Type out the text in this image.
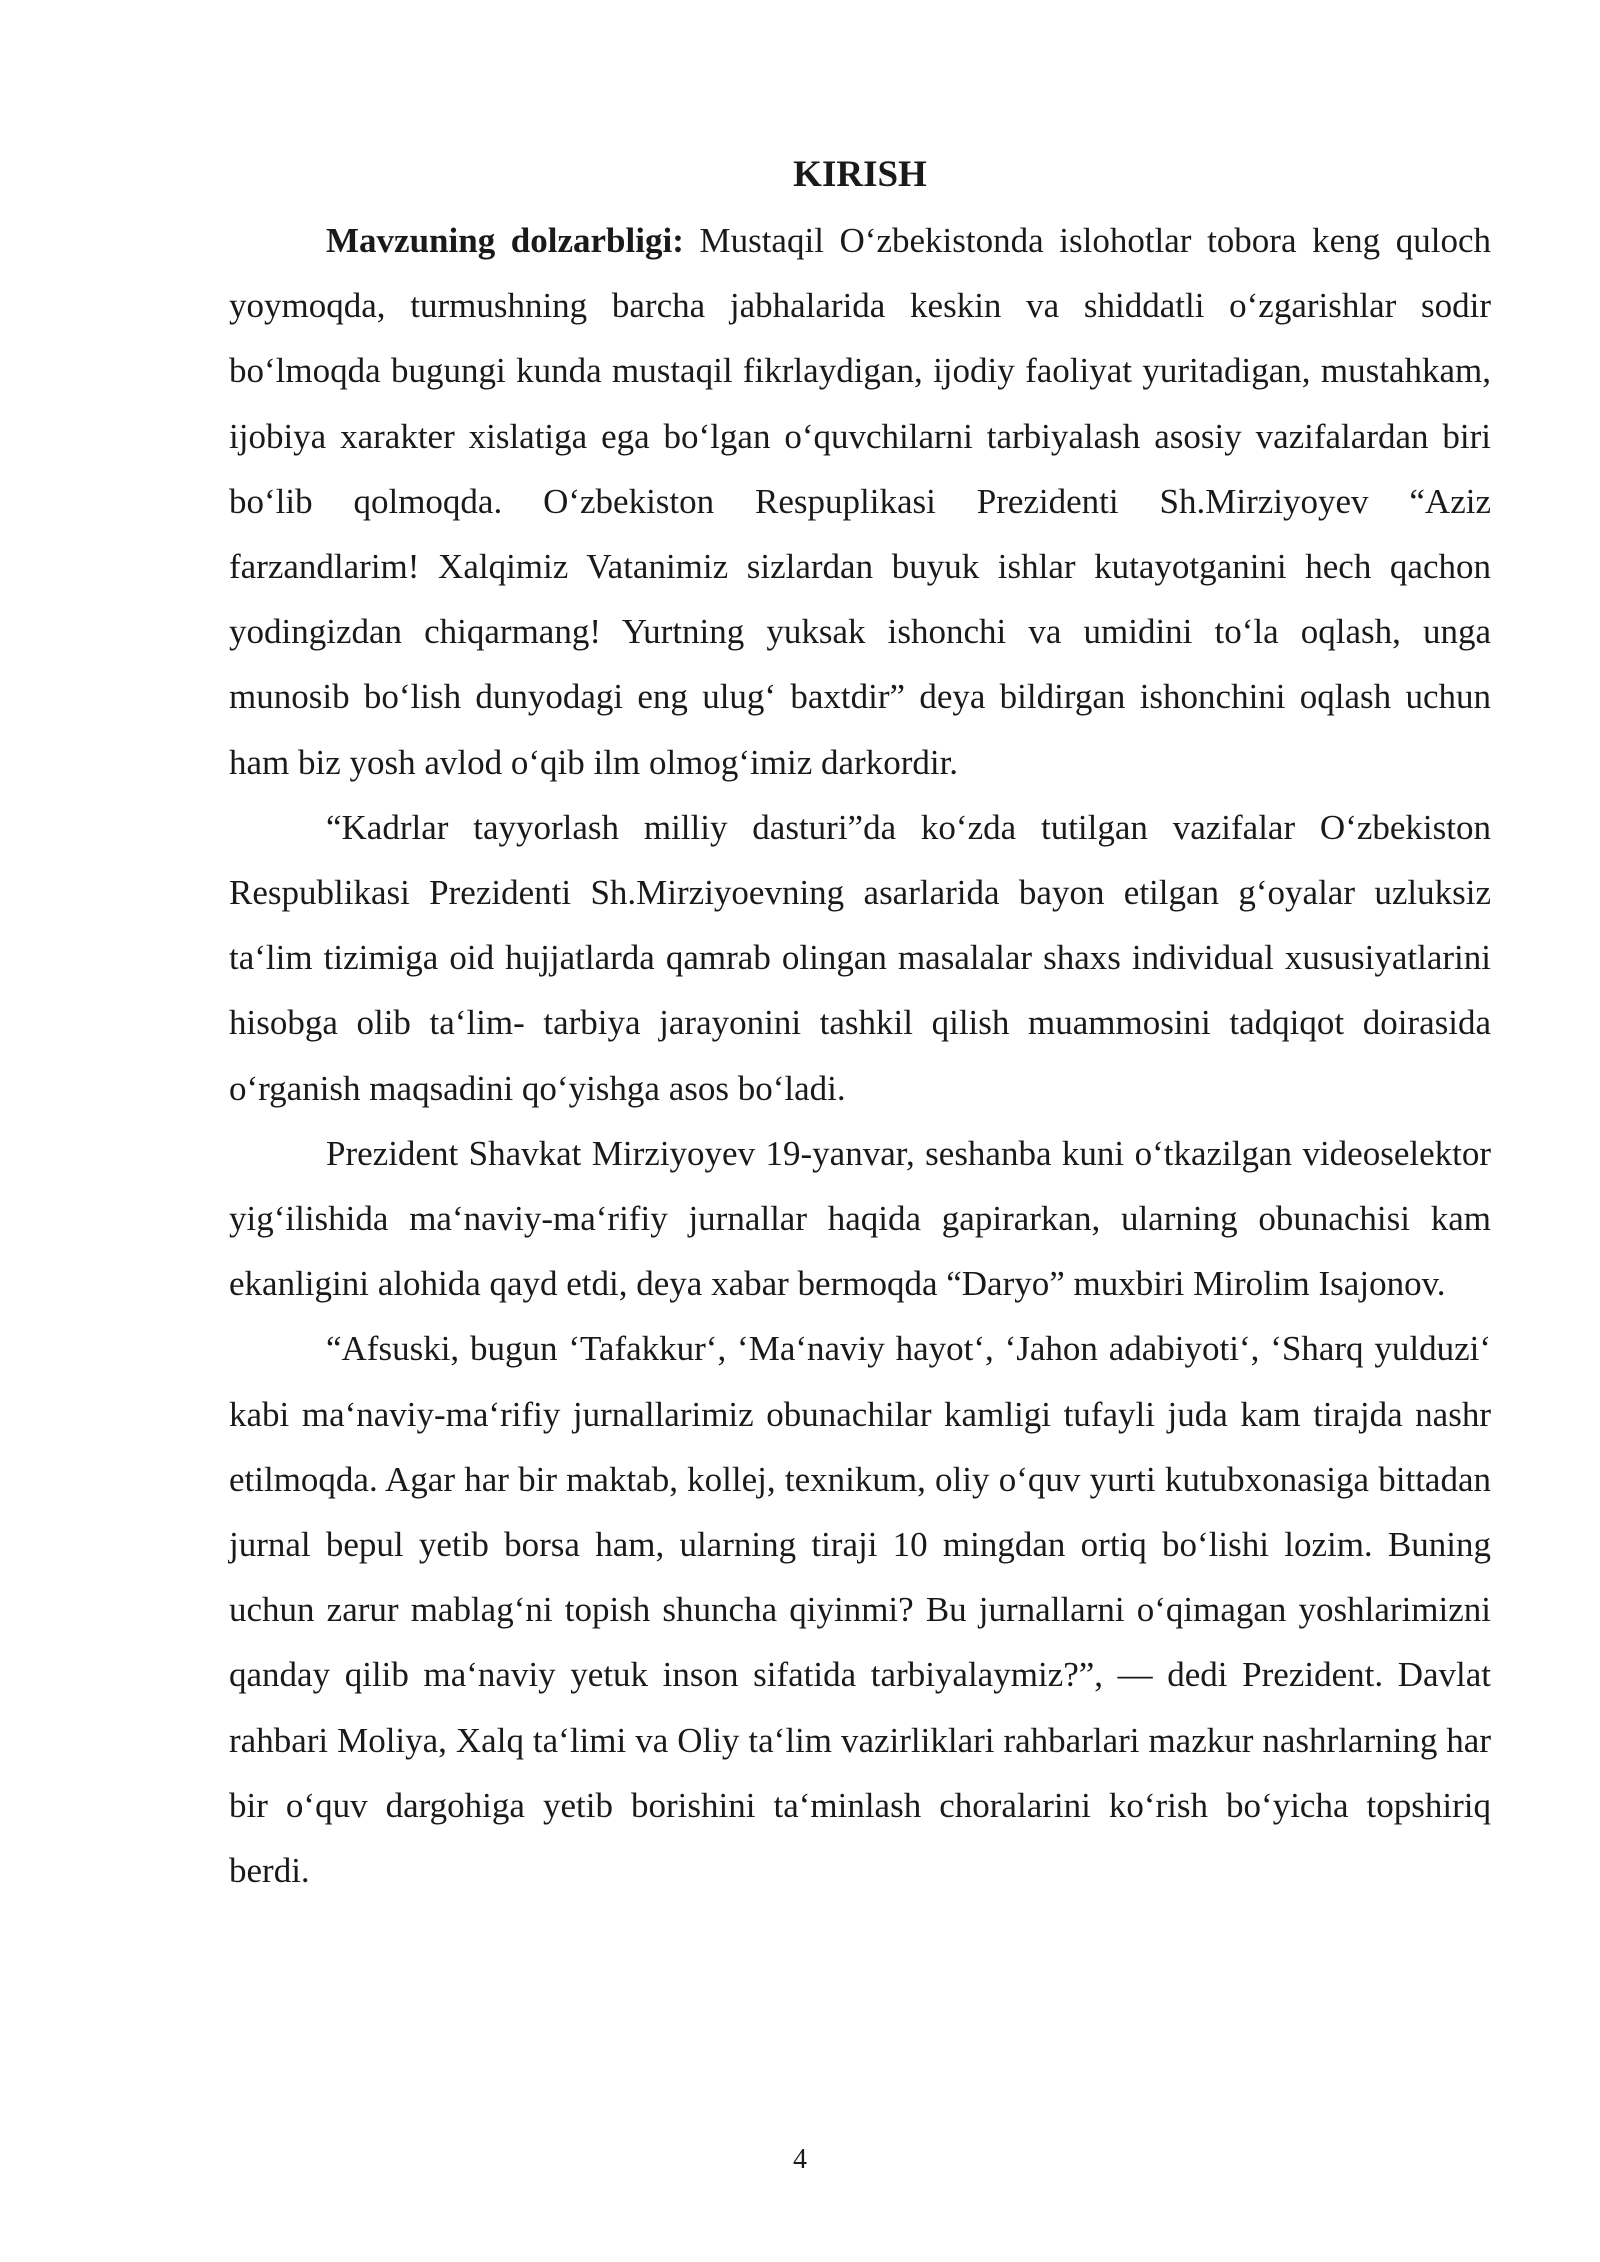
KIRISH

Mavzuning dolzarbligi: Mustaqil O‘zbekistonda islohotlar tobora keng quloch yoymoqda, turmushning barcha jabhalarida keskin va shiddatli o‘zgarishlar sodir bo‘lmoqda bugungi kunda mustaqil fikrlaydigan, ijodiy faoliyat yuritadigan, mustahkam, ijobiya xarakter xislatiga ega bo‘lgan o‘quvchilarni tarbiyalash asosiy vazifalardan biri bo‘lib qolmoqda. O‘zbekiston Respuplikasi Prezidenti Sh.Mirziyoyev “Aziz farzandlarim! Xalqimiz Vatanimiz sizlardan buyuk ishlar kutayotganini hech qachon yodingizdan chiqarmang! Yurtning yuksak ishonchi va umidini to‘la oqlash, unga munosib bo‘lish dunyodagi eng ulug‘ baxtdir” deya bildirgan ishonchini oqlash uchun ham biz yosh avlod o‘qib ilm olmog‘imiz darkordir.

“Kadrlar tayyorlash milliy dasturi”da ko‘zda tutilgan vazifalar O‘zbekiston Respublikasi Prezidenti Sh.Mirziyoevning asarlarida bayon etilgan g‘oyalar uzluksiz ta‘lim tizimiga oid hujjatlarda qamrab olingan masalalar shaxs individual xususiyatlarini hisobga olib ta‘lim- tarbiya jarayonini tashkil qilish muammosini tadqiqot doirasida o‘rganish maqsadini qo‘yishga asos bo‘ladi.

Prezident Shavkat Mirziyoyev 19-yanvar, seshanba kuni o‘tkazilgan videoselektor yig‘ilishida ma‘naviy-ma‘rifiy jurnallar haqida gapirarkan, ularning obunachisi kam ekanligini alohida qayd etdi, deya xabar bermoqda “Daryo” muxbiri Mirolim Isajonov.

“Afsuski, bugun ‘Tafakkur‘, ‘Ma‘naviy hayot‘, ‘Jahon adabiyoti‘, ‘Sharq yulduzi‘ kabi ma‘naviy-ma‘rifiy jurnallarimiz obunachilar kamligi tufayli juda kam tirajda nashr etilmoqda. Agar har bir maktab, kollej, texnikum, oliy o‘quv yurti kutubxonasiga bittadan jurnal bepul yetib borsa ham, ularning tiraji 10 mingdan ortiq bo‘lishi lozim. Buning uchun zarur mablag‘ni topish shuncha qiyinmi? Bu jurnallarni o‘qimagan yoshlarimizni qanday qilib ma‘naviy yetuk inson sifatida tarbiyalaymiz?”, — dedi Prezident. Davlat rahbari Moliya, Xalq ta‘limi va Oliy ta‘lim vazirliklari rahbarlari mazkur nashrlarning har bir o‘quv dargohiga yetib borishini ta‘minlash choralarini ko‘rish bo‘yicha topshiriq berdi.

4
